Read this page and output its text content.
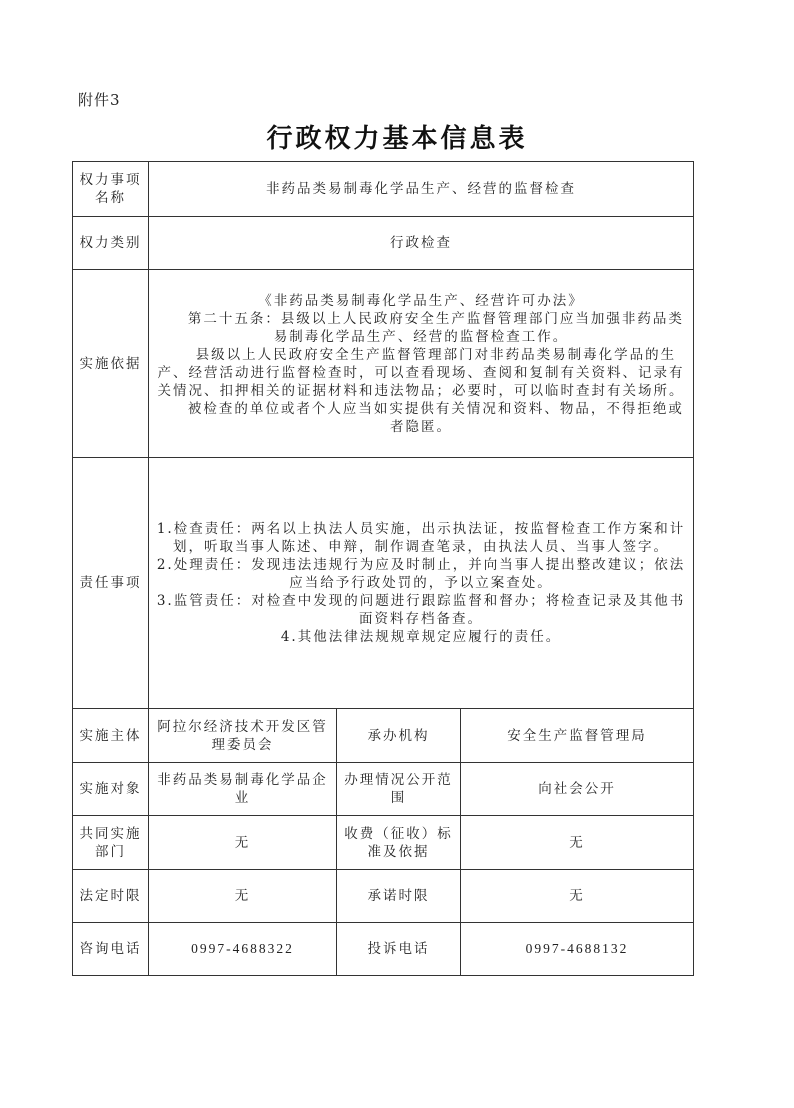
附件3
行政权力基本信息表
权力事项名称	非药品类易制毒化学品生产、经营的监督检查		
权力类别	行政检查		
实施依据	《非药品类易制毒化学品生产、经营许可办法》
第二十五条：县级以上人民政府安全生产监督管理部门应当加强非药品类易制毒化学品生产、经营的监督检查工作。
县级以上人民政府安全生产监督管理部门对非药品类易制毒化学品的生产、经营活动进行监督检查时，可以查看现场、查阅和复制有关资料、记录有关情况、扣押相关的证据材料和违法物品；必要时，可以临时查封有关场所。
被检查的单位或者个人应当如实提供有关情况和资料、物品，不得拒绝或者隐匿。		

责任事项	1.检查责任：两名以上执法人员实施，出示执法证，按监督检查工作方案和计划，听取当事人陈述、申辩，制作调查笔录，由执法人员、当事人签字。
2.处理责任：发现违法违规行为应及时制止，并向当事人提出整改建议；依法应当给予行政处罚的，予以立案查处。
3.监管责任：对检查中发现的问题进行跟踪监督和督办；将检查记录及其他书面资料存档备查。
4.其他法律法规规章规定应履行的责任。		

实施主体	阿拉尔经济技术开发区管理委员会	承办机构	安全生产监督管理局
实施对象	非药品类易制毒化学品企业	办理情况公开范围	向社会公开
共同实施部门	无	收费（征收）标准及依据	无
法定时限	无	承诺时限	无
咨询电话	0997-4688322	投诉电话	0997-4688132
